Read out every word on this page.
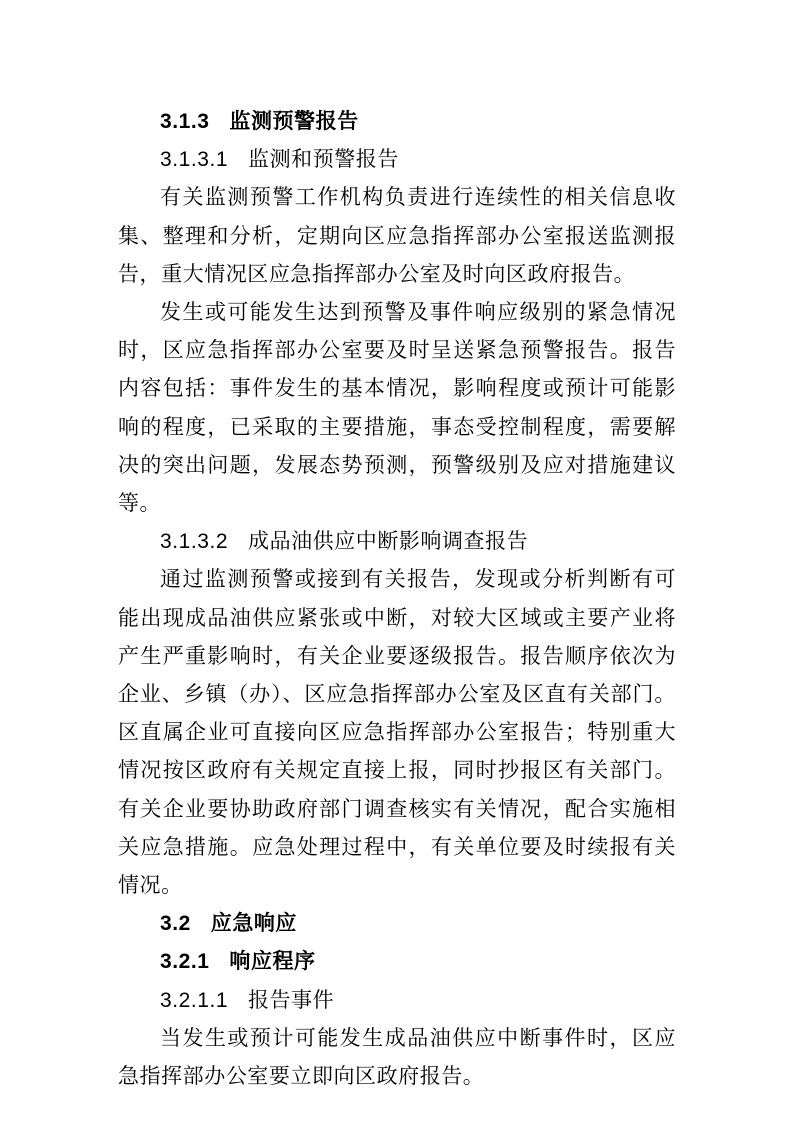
3.1.3 监测预警报告

3.1.3.1 监测和预警报告

有关监测预警工作机构负责进行连续性的相关信息收集、整理和分析，定期向区应急指挥部办公室报送监测报告，重大情况区应急指挥部办公室及时向区政府报告。

发生或可能发生达到预警及事件响应级别的紧急情况时，区应急指挥部办公室要及时呈送紧急预警报告。报告内容包括：事件发生的基本情况，影响程度或预计可能影响的程度，已采取的主要措施，事态受控制程度，需要解决的突出问题，发展态势预测，预警级别及应对措施建议等。

3.1.3.2 成品油供应中断影响调查报告

通过监测预警或接到有关报告，发现或分析判断有可能出现成品油供应紧张或中断，对较大区域或主要产业将产生严重影响时，有关企业要逐级报告。报告顺序依次为企业、乡镇（办）、区应急指挥部办公室及区直有关部门。区直属企业可直接向区应急指挥部办公室报告；特别重大情况按区政府有关规定直接上报，同时抄报区有关部门。有关企业要协助政府部门调查核实有关情况，配合实施相关应急措施。应急处理过程中，有关单位要及时续报有关情况。

3.2 应急响应

3.2.1 响应程序

3.2.1.1 报告事件

当发生或预计可能发生成品油供应中断事件时，区应急指挥部办公室要立即向区政府报告。
